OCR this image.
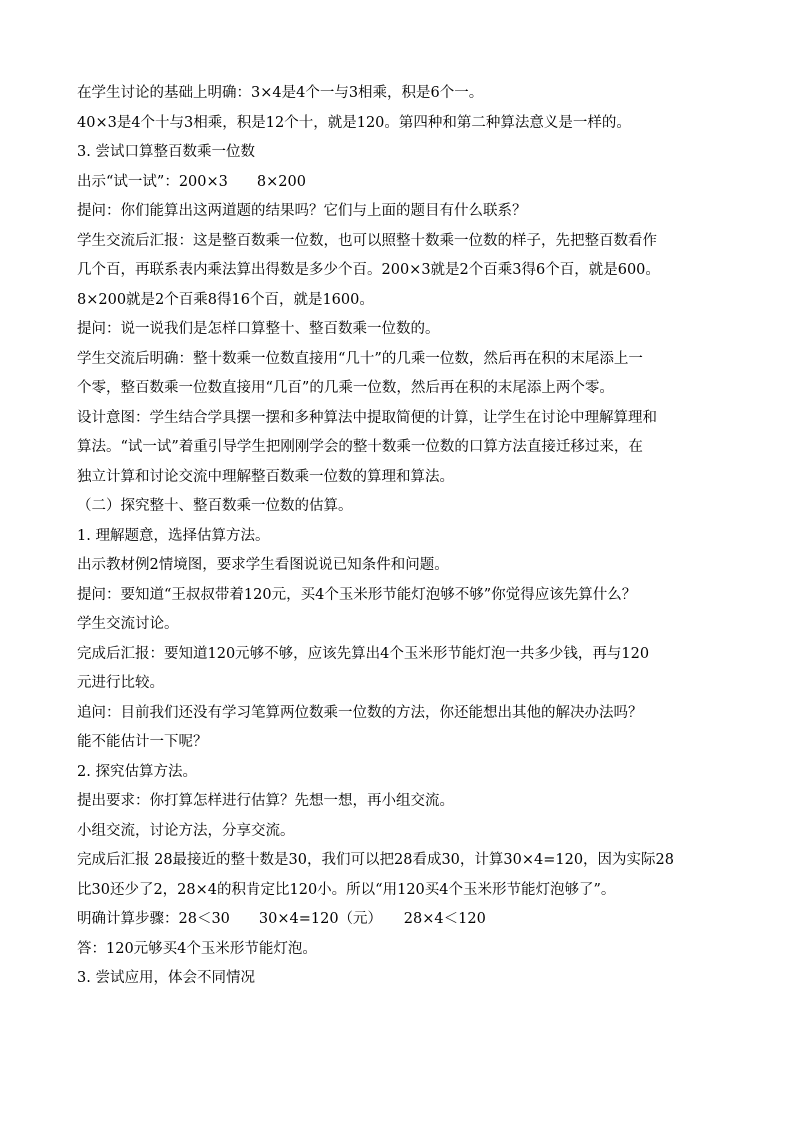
在学生讨论的基础上明确：3×4是4个一与3相乘，积是6个一。
40×3是4个十与3相乘，积是12个十，就是120。第四种和第二种算法意义是一样的。
3. 尝试口算整百数乘一位数
出示“试一试”：200×3　　8×200
提问：你们能算出这两道题的结果吗？它们与上面的题目有什么联系？
学生交流后汇报：这是整百数乘一位数，也可以照整十数乘一位数的样子，先把整百数看作
几个百，再联系表内乘法算出得数是多少个百。200×3就是2个百乘3得6个百，就是600。
8×200就是2个百乘8得16个百，就是1600。
提问：说一说我们是怎样口算整十、整百数乘一位数的。
学生交流后明确：整十数乘一位数直接用“几十”的几乘一位数，然后再在积的末尾添上一
个零，整百数乘一位数直接用“几百”的几乘一位数，然后再在积的末尾添上两个零。
设计意图：学生结合学具摆一摆和多种算法中提取简便的计算，让学生在讨论中理解算理和
算法。“试一试”着重引导学生把刚刚学会的整十数乘一位数的口算方法直接迁移过来，在
独立计算和讨论交流中理解整百数乘一位数的算理和算法。
（二）探究整十、整百数乘一位数的估算。
1. 理解题意，选择估算方法。
出示教材例2情境图，要求学生看图说说已知条件和问题。
提问：要知道“王叔叔带着120元，买4个玉米形节能灯泡够不够”你觉得应该先算什么？
学生交流讨论。
完成后汇报：要知道120元够不够，应该先算出4个玉米形节能灯泡一共多少钱，再与120
元进行比较。
追问：目前我们还没有学习笔算两位数乘一位数的方法，你还能想出其他的解决办法吗？
能不能估计一下呢？
2. 探究估算方法。
提出要求：你打算怎样进行估算？先想一想，再小组交流。
小组交流，讨论方法，分享交流。
完成后汇报 28最接近的整十数是30，我们可以把28看成30，计算30×4=120，因为实际28
比30还少了2，28×4的积肯定比120小。所以“用120买4个玉米形节能灯泡够了”。
明确计算步骤：28＜30　　30×4=120（元）　　28×4＜120
答：120元够买4个玉米形节能灯泡。
3. 尝试应用，体会不同情况
